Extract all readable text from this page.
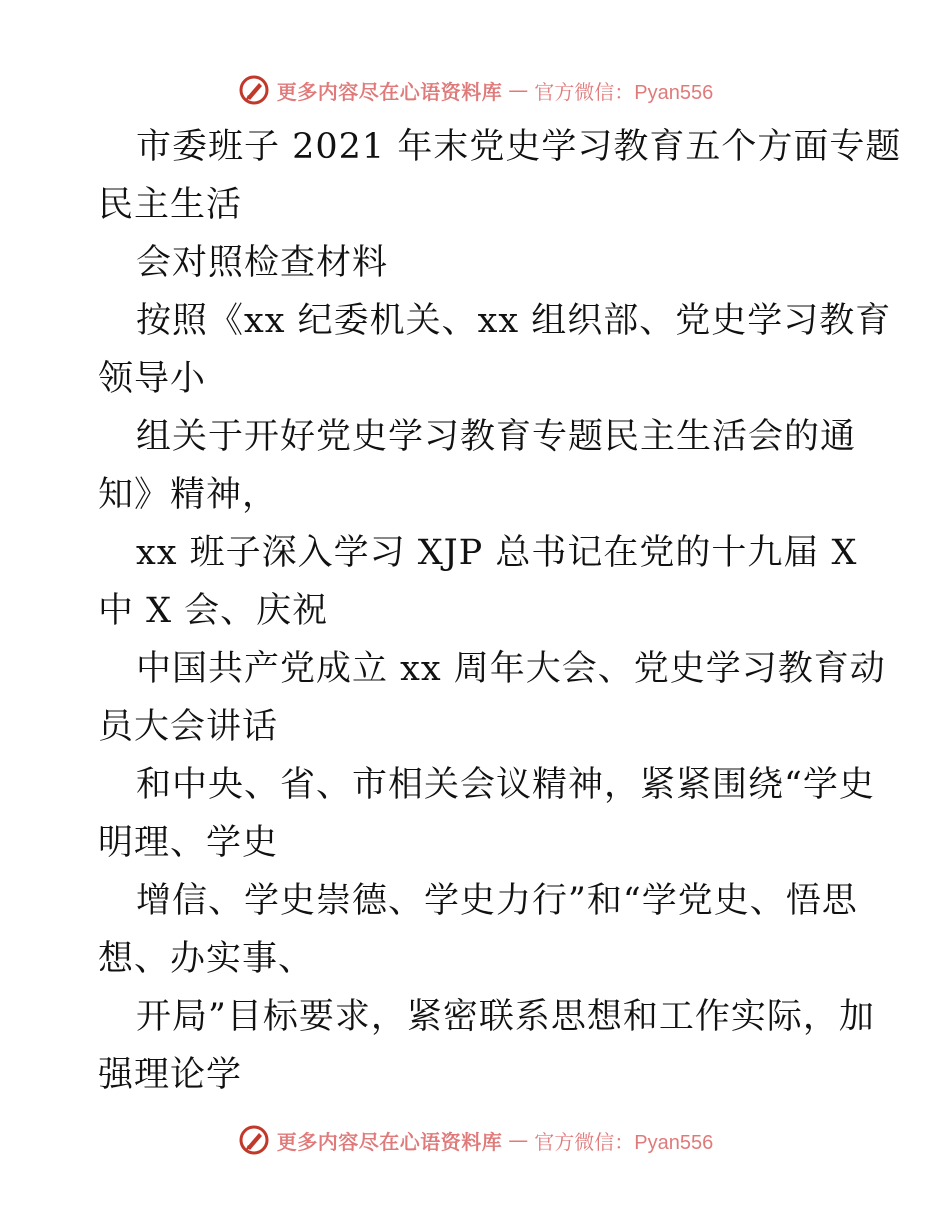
更多内容尽在心语资料库 — 官方微信：Pyan556
市委班子 2021 年末党史学习教育五个方面专题
民主生活
会对照检查材料
按照《xx 纪委机关、xx 组织部、党史学习教育
领导小
组关于开好党史学习教育专题民主生活会的通
知》精神，
xx 班子深入学习 XJP 总书记在党的十九届 X
中 X 会、庆祝
中国共产党成立 xx 周年大会、党史学习教育动
员大会讲话
和中央、省、市相关会议精神，紧紧围绕“学史
明理、学史
增信、学史崇德、学史力行”和“学党史、悟思
想、办实事、
开局”目标要求，紧密联系思想和工作实际，加
强理论学
更多内容尽在心语资料库 — 官方微信：Pyan556
